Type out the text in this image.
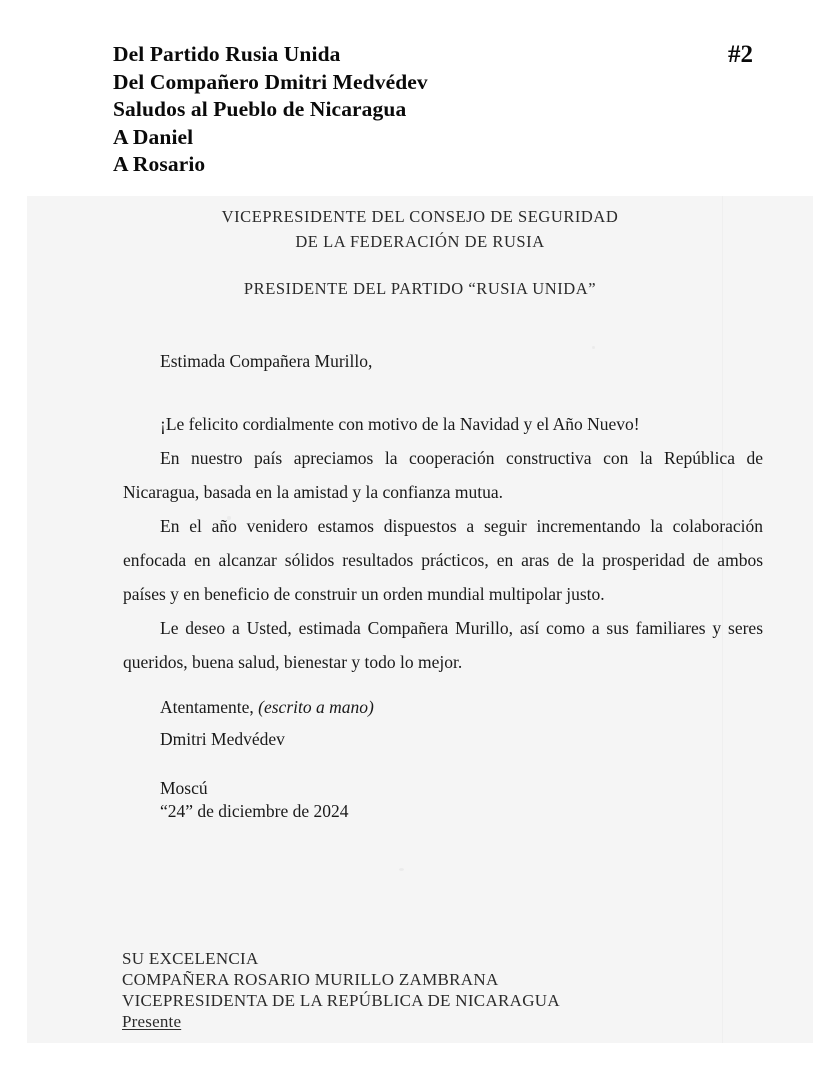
Del Partido Rusia Unida
Del Compañero Dmitri Medvédev
Saludos al Pueblo de Nicaragua
A Daniel
A Rosario
#2
VICEPRESIDENTE DEL CONSEJO DE SEGURIDAD
DE LA FEDERACIÓN DE RUSIA
PRESIDENTE DEL PARTIDO “RUSIA UNIDA”
Estimada Compañera Murillo,

¡Le felicito cordialmente con motivo de la Navidad y el Año Nuevo!

En nuestro país apreciamos la cooperación constructiva con la República de Nicaragua, basada en la amistad y la confianza mutua.

En el año venidero estamos dispuestos a seguir incrementando la colaboración enfocada en alcanzar sólidos resultados prácticos, en aras de la prosperidad de ambos países y en beneficio de construir un orden mundial multipolar justo.

Le deseo a Usted, estimada Compañera Murillo, así como a sus familiares y seres queridos, buena salud, bienestar y todo lo mejor.

Atentamente, (escrito a mano)
Dmitri Medvédev
Moscú
“24” de diciembre de 2024
SU EXCELENCIA
COMPAÑERA ROSARIO MURILLO ZAMBRANA
VICEPRESIDENTA DE LA REPÚBLICA DE NICARAGUA
Presente
